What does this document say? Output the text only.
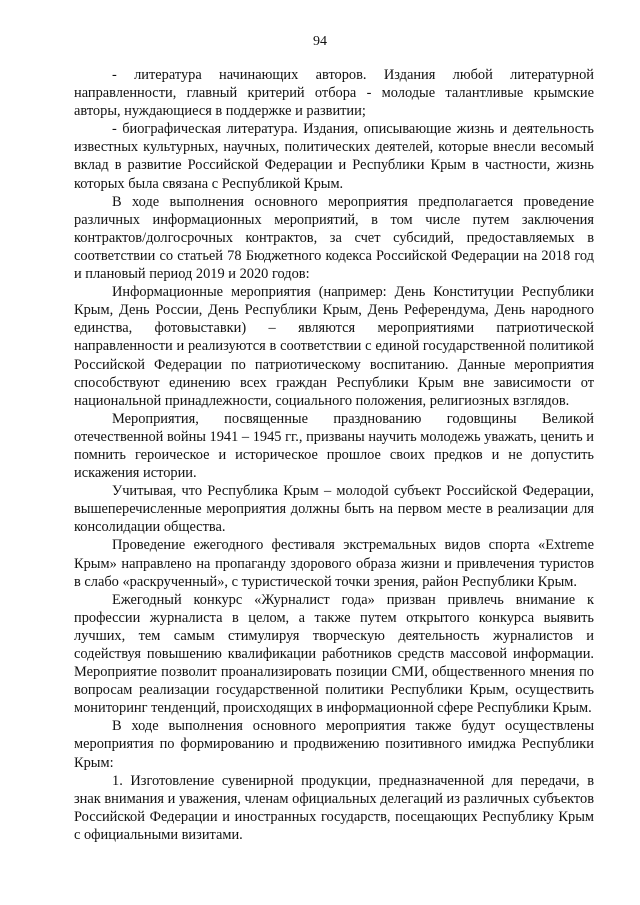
94

- литература начинающих авторов. Издания любой литературной направленности, главный критерий отбора - молодые талантливые крымские авторы, нуждающиеся в поддержке и развитии;

- биографическая литература. Издания, описывающие жизнь и деятельность известных культурных, научных, политических деятелей, которые внесли весомый вклад в развитие Российской Федерации и Республики Крым в частности, жизнь которых была связана с Республикой Крым.

В ходе выполнения основного мероприятия предполагается проведение различных информационных мероприятий, в том числе путем заключения контрактов/долгосрочных контрактов, за счет субсидий, предоставляемых в соответствии со статьей 78 Бюджетного кодекса Российской Федерации на 2018 год и плановый период 2019 и 2020 годов:

Информационные мероприятия (например: День Конституции Республики Крым, День России, День Республики Крым, День Референдума, День народного единства, фотовыставки) – являются мероприятиями патриотической направленности и реализуются в соответствии с единой государственной политикой Российской Федерации по патриотическому воспитанию. Данные мероприятия способствуют единению всех граждан Республики Крым вне зависимости от национальной принадлежности, социального положения, религиозных взглядов.

Мероприятия, посвященные празднованию годовщины Великой отечественной войны 1941 – 1945 гг., призваны научить молодежь уважать, ценить и помнить героическое и историческое прошлое своих предков и не допустить искажения истории.

Учитывая, что Республика Крым – молодой субъект Российской Федерации, вышеперечисленные мероприятия должны быть на первом месте в реализации для консолидации общества.

Проведение ежегодного фестиваля экстремальных видов спорта «Extreme Крым» направлено на пропаганду здорового образа жизни и привлечения туристов в слабо «раскрученный», с туристической точки зрения, район Республики Крым.

Ежегодный конкурс «Журналист года» призван привлечь внимание к профессии журналиста в целом, а также путем открытого конкурса выявить лучших, тем самым стимулируя творческую деятельность журналистов и содействуя повышению квалификации работников средств массовой информации. Мероприятие позволит проанализировать позиции СМИ, общественного мнения по вопросам реализации государственной политики Республики Крым, осуществить мониторинг тенденций, происходящих в информационной сфере Республики Крым.

В ходе выполнения основного мероприятия также будут осуществлены мероприятия по формированию и продвижению позитивного имиджа Республики Крым:

1. Изготовление сувенирной продукции, предназначенной для передачи, в знак внимания и уважения, членам официальных делегаций из различных субъектов Российской Федерации и иностранных государств, посещающих Республику Крым с официальными визитами.
